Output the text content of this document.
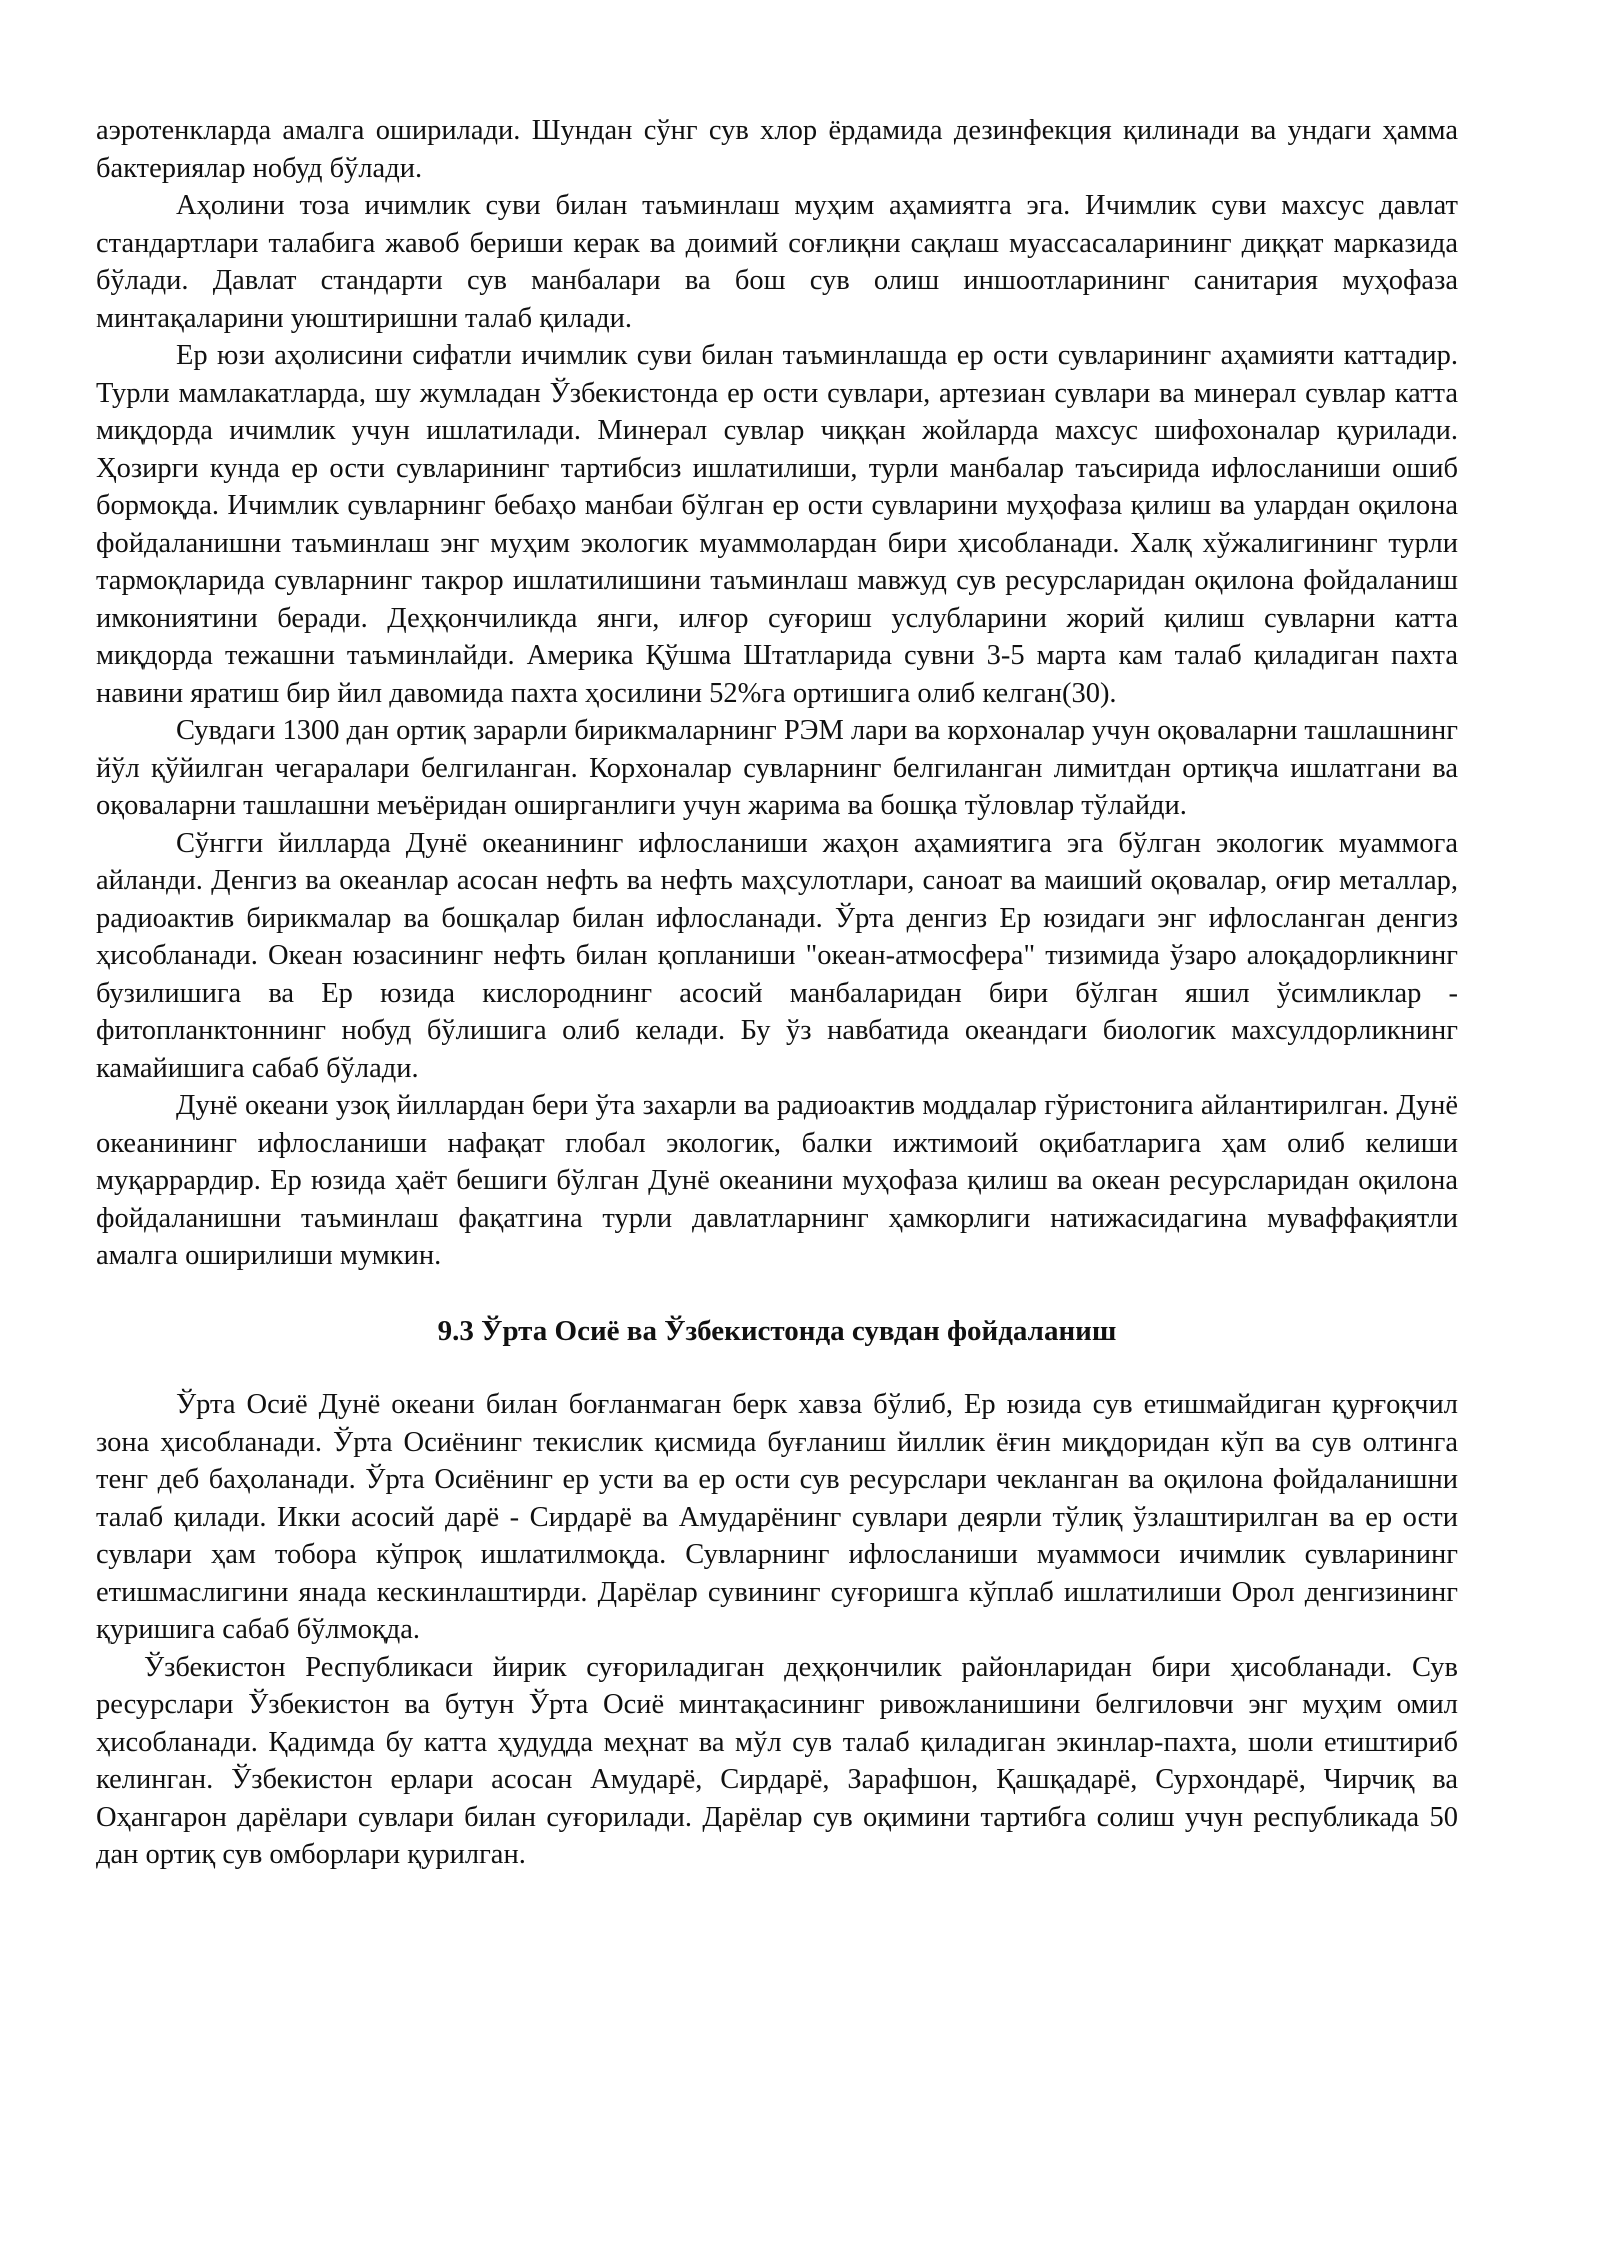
аэротенкларда амалга оширилади. Шундан сўнг сув хлор ёрдамида дезинфекция қилинади ва ундаги ҳамма бактериялар нобуд бўлади.

Аҳолини тоза ичимлик суви билан таъминлаш муҳим аҳамиятга эга. Ичимлик суви махсус давлат стандартлари талабига жавоб бериши керак ва доимий соғлиқни сақлаш муассасаларининг диққат марказида бўлади. Давлат стандарти сув манбалари ва бош сув олиш иншоотларининг санитария муҳофаза минтақаларини уюштиришни талаб қилади.

Ер юзи аҳолисини сифатли ичимлик суви билан таъминлашда ер ости сувларининг аҳамияти каттадир. Турли мамлакатларда, шу жумладан Ўзбекистонда ер ости сувлари, артезиан сувлари ва минерал сувлар катта миқдорда ичимлик учун ишлатилади. Минерал сувлар чиққан жойларда махсус шифохоналар қурилади. Ҳозирги кунда ер ости сувларининг тартибсиз ишлатилиши, турли манбалар таъсирида ифлосланиши ошиб бормоқда. Ичимлик сувларнинг бебаҳо манбаи бўлган ер ости сувларини муҳофаза қилиш ва улардан оқилона фойдаланишни таъминлаш энг муҳим экологик муаммолардан бири ҳисобланади. Халқ хўжалигининг турли тармоқларида сувларнинг такрор ишлатилишини таъминлаш мавжуд сув ресурсларидан оқилона фойдаланиш имкониятини беради. Деҳқончиликда янги, илғор суғориш услубларини жорий қилиш сувларни катта миқдорда тежашни таъминлайди. Америка Қўшма Штатларида сувни 3-5 марта кам талаб қиладиган пахта навини яратиш бир йил давомида пахта ҳосилини 52%га ортишига олиб келган(30).

Сувдаги 1300 дан ортиқ зарарли бирикмаларнинг РЭМ лари ва корхоналар учун оқоваларни ташлашнинг йўл қўйилган чегаралари белгиланган. Корхоналар сувларнинг белгиланган лимитдан ортиқча ишлатгани ва оқоваларни ташлашни меъёридан оширганлиги учун жарима ва бошқа тўловлар тўлайди.

Сўнгги йилларда Дунё океанининг ифлосланиши жаҳон аҳамиятига эга бўлган экологик муаммога айланди. Денгиз ва океанлар асосан нефть ва нефть маҳсулотлари, саноат ва маиший оқовалар, оғир металлар, радиоактив бирикмалар ва бошқалар билан ифлосланади. Ўрта денгиз Ер юзидаги энг ифлосланган денгиз ҳисобланади. Океан юзасининг нефть билан қопланиши "океан-атмосфера" тизимида ўзаро алоқадорликнинг бузилишига ва Ер юзида кислороднинг асосий манбаларидан бири бўлган яшил ўсимликлар - фитопланктоннинг нобуд бўлишига олиб келади. Бу ўз навбатида океандаги биологик махсулдорликнинг камайишига сабаб бўлади.

Дунё океани узоқ йиллардан бери ўта захарли ва радиоактив моддалар гўристонига айлантирилган. Дунё океанининг ифлосланиши нафақат глобал экологик, балки ижтимоий оқибатларига ҳам олиб келиши муқаррардир. Ер юзида ҳаёт бешиги бўлган Дунё океанини муҳофаза қилиш ва океан ресурсларидан оқилона фойдаланишни таъминлаш фақатгина турли давлатларнинг ҳамкорлиги натижасидагина муваффақиятли амалга оширилиши мумкин.

9.3 Ўрта Осиё ва Ўзбекистонда сувдан фойдаланиш

Ўрта Осиё Дунё океани билан боғланмаган берк хавза бўлиб, Ер юзида сув етишмайдиган қурғоқчил зона ҳисобланади. Ўрта Осиёнинг текислик қисмида буғланиш йиллик ёғин миқдоридан кўп ва сув олтинга тенг деб баҳоланади. Ўрта Осиёнинг ер усти ва ер ости сув ресурслари чекланган ва оқилона фойдаланишни талаб қилади. Икки асосий дарё - Сирдарё ва Амударёнинг сувлари деярли тўлиқ ўзлаштирилган ва ер ости сувлари ҳам тобора кўпроқ ишлатилмоқда. Сувларнинг ифлосланиши муаммоси ичимлик сувларининг етишмаслигини янада кескинлаштирди. Дарёлар сувининг суғоришга кўплаб ишлатилиши Орол денгизининг қуришига сабаб бўлмоқда.

Ўзбекистон Республикаси йирик суғориладиган деҳқончилик районларидан бири ҳисобланади. Сув ресурслари Ўзбекистон ва бутун Ўрта Осиё минтақасининг ривожланишини белгиловчи энг муҳим омил ҳисобланади. Қадимда бу катта ҳудудда меҳнат ва мўл сув талаб қиладиган экинлар-пахта, шоли етиштириб келинган. Ўзбекистон ерлари асосан Амударё, Сирдарё, Зарафшон, Қашқадарё, Сурхондарё, Чирчиқ ва Оҳангарон дарёлари сувлари билан суғорилади. Дарёлар сув оқимини тартибга солиш учун республикада 50 дан ортиқ сув омборлари қурилган.
